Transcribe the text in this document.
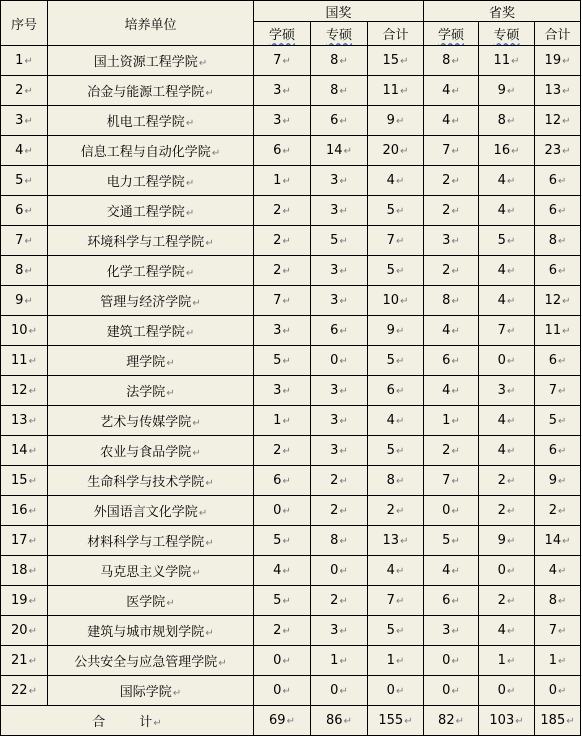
序号	培养单位	国奖			省奖		
		学硕	专硕	合计	学硕	专硕	合计
1↵	国土资源工程学院↵	7↵	8↵	15↵	8↵	11↵	19↵
2↵	冶金与能源工程学院↵	3↵	8↵	11↵	4↵	9↵	13↵
3↵	机电工程学院↵	3↵	6↵	9↵	4↵	8↵	12↵
4↵	信息工程与自动化学院↵	6↵	14↵	20↵	7↵	16↵	23↵
5↵	电力工程学院↵	1↵	3↵	4↵	2↵	4↵	6↵
6↵	交通工程学院↵	2↵	3↵	5↵	2↵	4↵	6↵
7↵	环境科学与工程学院↵	2↵	5↵	7↵	3↵	5↵	8↵
8↵	化学工程学院↵	2↵	3↵	5↵	2↵	4↵	6↵
9↵	管理与经济学院↵	7↵	3↵	10↵	8↵	4↵	12↵
10↵	建筑工程学院↵	3↵	6↵	9↵	4↵	7↵	11↵
11↵	理学院↵	5↵	0↵	5↵	6↵	0↵	6↵
12↵	法学院↵	3↵	3↵	6↵	4↵	3↵	7↵
13↵	艺术与传媒学院↵	1↵	3↵	4↵	1↵	4↵	5↵
14↵	农业与食品学院↵	2↵	3↵	5↵	2↵	4↵	6↵
15↵	生命科学与技术学院↵	6↵	2↵	8↵	7↵	2↵	9↵
16↵	外国语言文化学院↵	0↵	2↵	2↵	0↵	2↵	2↵
17↵	材料科学与工程学院↵	5↵	8↵	13↵	5↵	9↵	14↵
18↵	马克思主义学院↵	4↵	0↵	4↵	4↵	0↵	4↵
19↵	医学院↵	5↵	2↵	7↵	6↵	2↵	8↵
20↵	建筑与城市规划学院↵	2↵	3↵	5↵	3↵	4↵	7↵
21↵	公共安全与应急管理学院↵	0↵	1↵	1↵	0↵	1↵	1↵
22↵	国际学院↵	0↵	0↵	0↵	0↵	0↵	0↵
合 计↵		69↵	86↵	155↵	82↵	103↵	185↵
